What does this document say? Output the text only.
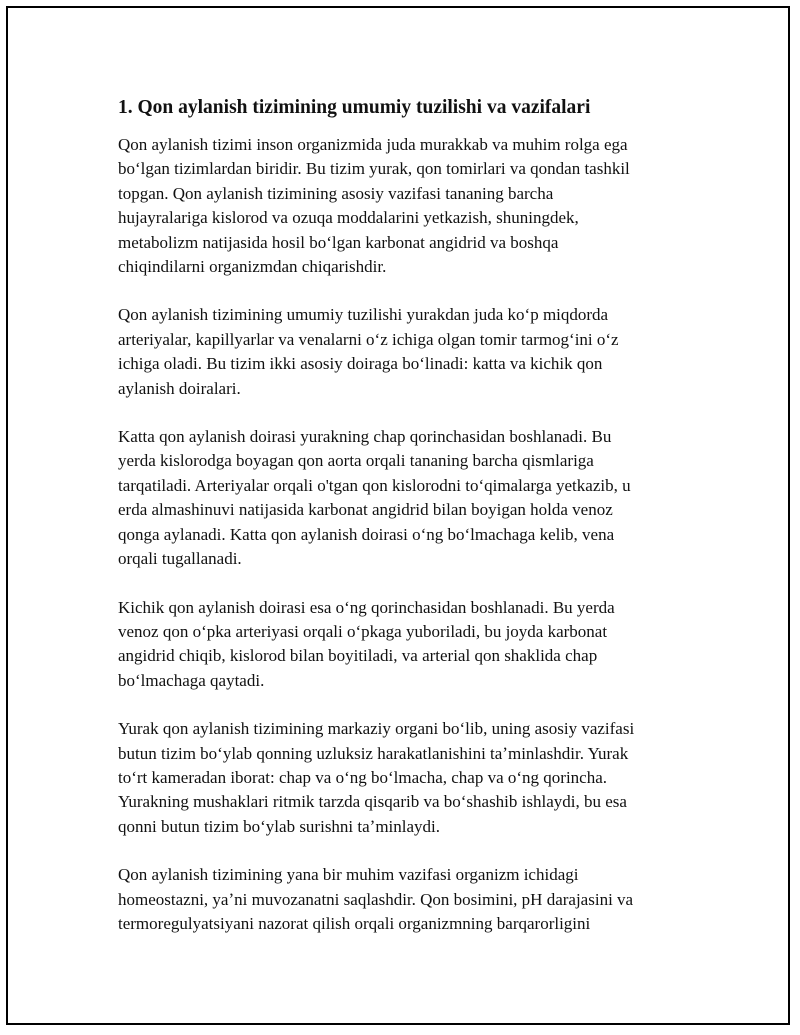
1. Qon aylanish tizimining umumiy tuzilishi va vazifalari

Qon aylanish tizimi inson organizmida juda murakkab va muhim rolga ega
boʻlgan tizimlardan biridir. Bu tizim yurak, qon tomirlari va qondan tashkil
topgan. Qon aylanish tizimining asosiy vazifasi tananing barcha
hujayralariga kislorod va ozuqa moddalarini yetkazish, shuningdek,
metabolizm natijasida hosil boʻlgan karbonat angidrid va boshqa
chiqindilarni organizmdan chiqarishdir.

Qon aylanish tizimining umumiy tuzilishi yurakdan juda koʻp miqdorda
arteriyalar, kapillyarlar va venalarni oʻz ichiga olgan tomir tarmogʻini oʻz
ichiga oladi. Bu tizim ikki asosiy doiraga boʻlinadi: katta va kichik qon
aylanish doiralari.

Katta qon aylanish doirasi yurakning chap qorinchasidan boshlanadi. Bu
yerda kislorodga boyagan qon aorta orqali tananing barcha qismlariga
tarqatiladi. Arteriyalar orqali o'tgan qon kislorodni toʻqimalarga yetkazib, u
erda almashinuvi natijasida karbonat angidrid bilan boyigan holda venoz
qonga aylanadi. Katta qon aylanish doirasi oʻng boʻlmachaga kelib, vena
orqali tugallanadi.

Kichik qon aylanish doirasi esa oʻng qorinchasidan boshlanadi. Bu yerda
venoz qon oʻpka arteriyasi orqali oʻpkaga yuboriladi, bu joyda karbonat
angidrid chiqib, kislorod bilan boyitiladi, va arterial qon shaklida chap
boʻlmachaga qaytadi.

Yurak qon aylanish tizimining markaziy organi boʻlib, uning asosiy vazifasi
butun tizim boʻylab qonning uzluksiz harakatlanishini taʼminlashdir. Yurak
toʻrt kameradan iborat: chap va oʻng boʻlmacha, chap va oʻng qorincha.
Yurakning mushaklari ritmik tarzda qisqarib va boʻshashib ishlaydi, bu esa
qonni butun tizim boʻylab surishni taʼminlaydi.

Qon aylanish tizimining yana bir muhim vazifasi organizm ichidagi
homeostazni, yaʼni muvozanatni saqlashdir. Qon bosimini, pH darajasini va
termoregulyatsiyani nazorat qilish orqali organizmning barqarorligini
